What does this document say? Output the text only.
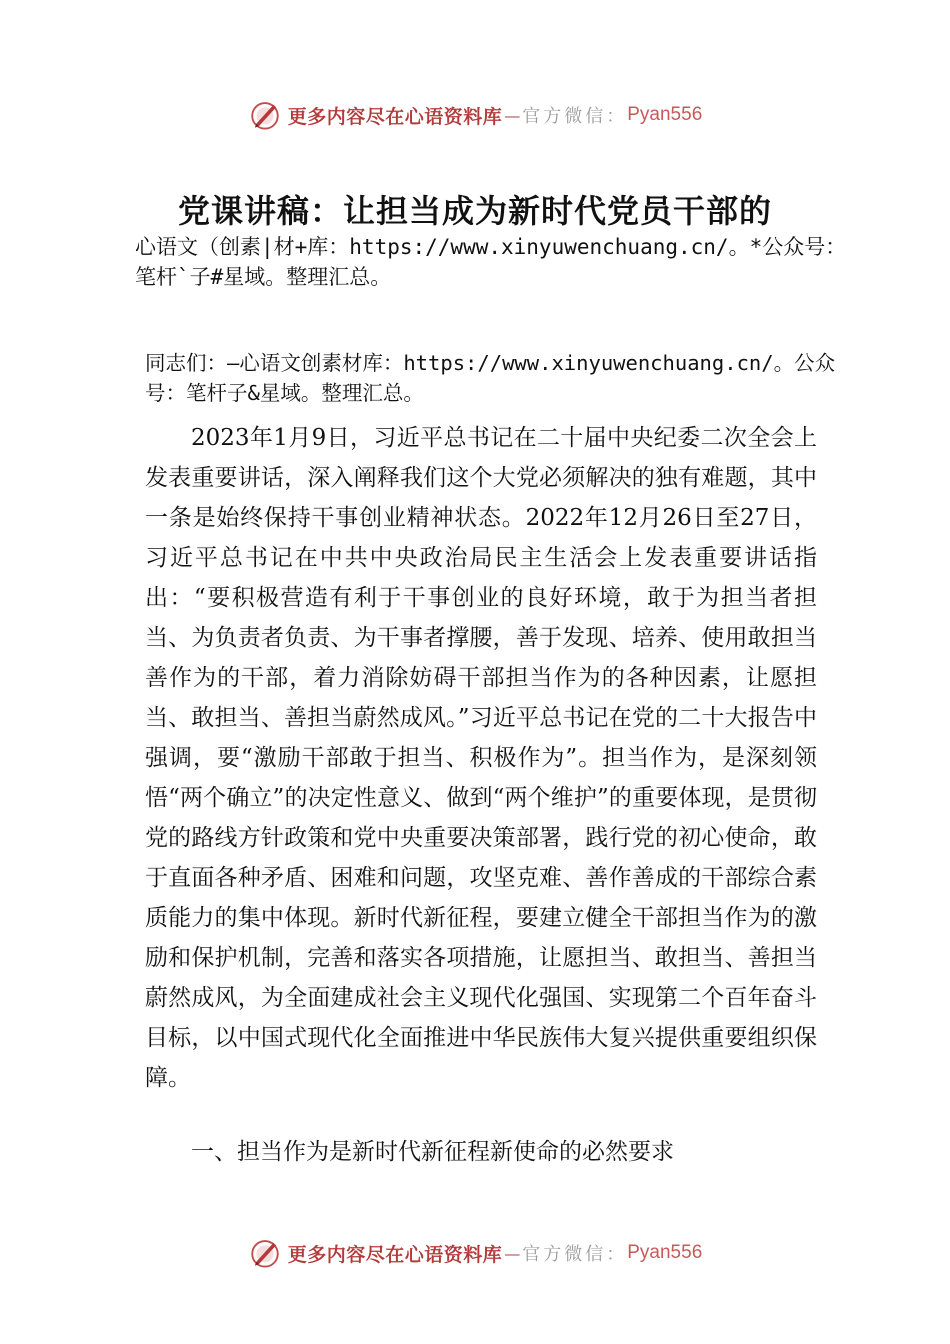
更多内容尽在心语资料库 — 官方微信： Pyan556
党课讲稿：让担当成为新时代党员干部的

心语文（创素|材+库：https://www.xinyuwenchuang.cn/。*公众号：笔杆`子#星域。整理汇总。

同志们：—心语文创素材库：https://www.xinyuwenchuang.cn/。公众号：笔杆子&星域。整理汇总。

2023年1月9日，习近平总书记在二十届中央纪委二次全会上发表重要讲话，深入阐释我们这个大党必须解决的独有难题，其中一条是始终保持干事创业精神状态。2022年12月26日至27日，习近平总书记在中共中央政治局民主生活会上发表重要讲话指出：“要积极营造有利于干事创业的良好环境，敢于为担当者担当、为负责者负责、为干事者撑腰，善于发现、培养、使用敢担当善作为的干部，着力消除妨碍干部担当作为的各种因素，让愿担当、敢担当、善担当蔚然成风。”习近平总书记在党的二十大报告中强调，要“激励干部敢于担当、积极作为”。担当作为，是深刻领悟“两个确立”的决定性意义、做到“两个维护”的重要体现，是贯彻党的路线方针政策和党中央重要决策部署，践行党的初心使命，敢于直面各种矛盾、困难和问题，攻坚克难、善作善成的干部综合素质能力的集中体现。新时代新征程，要建立健全干部担当作为的激励和保护机制，完善和落实各项措施，让愿担当、敢担当、善担当蔚然成风，为全面建成社会主义现代化强国、实现第二个百年奋斗目标，以中国式现代化全面推进中华民族伟大复兴提供重要组织保障。

一、担当作为是新时代新征程新使命的必然要求

更多内容尽在心语资料库 — 官方微信： Pyan556
